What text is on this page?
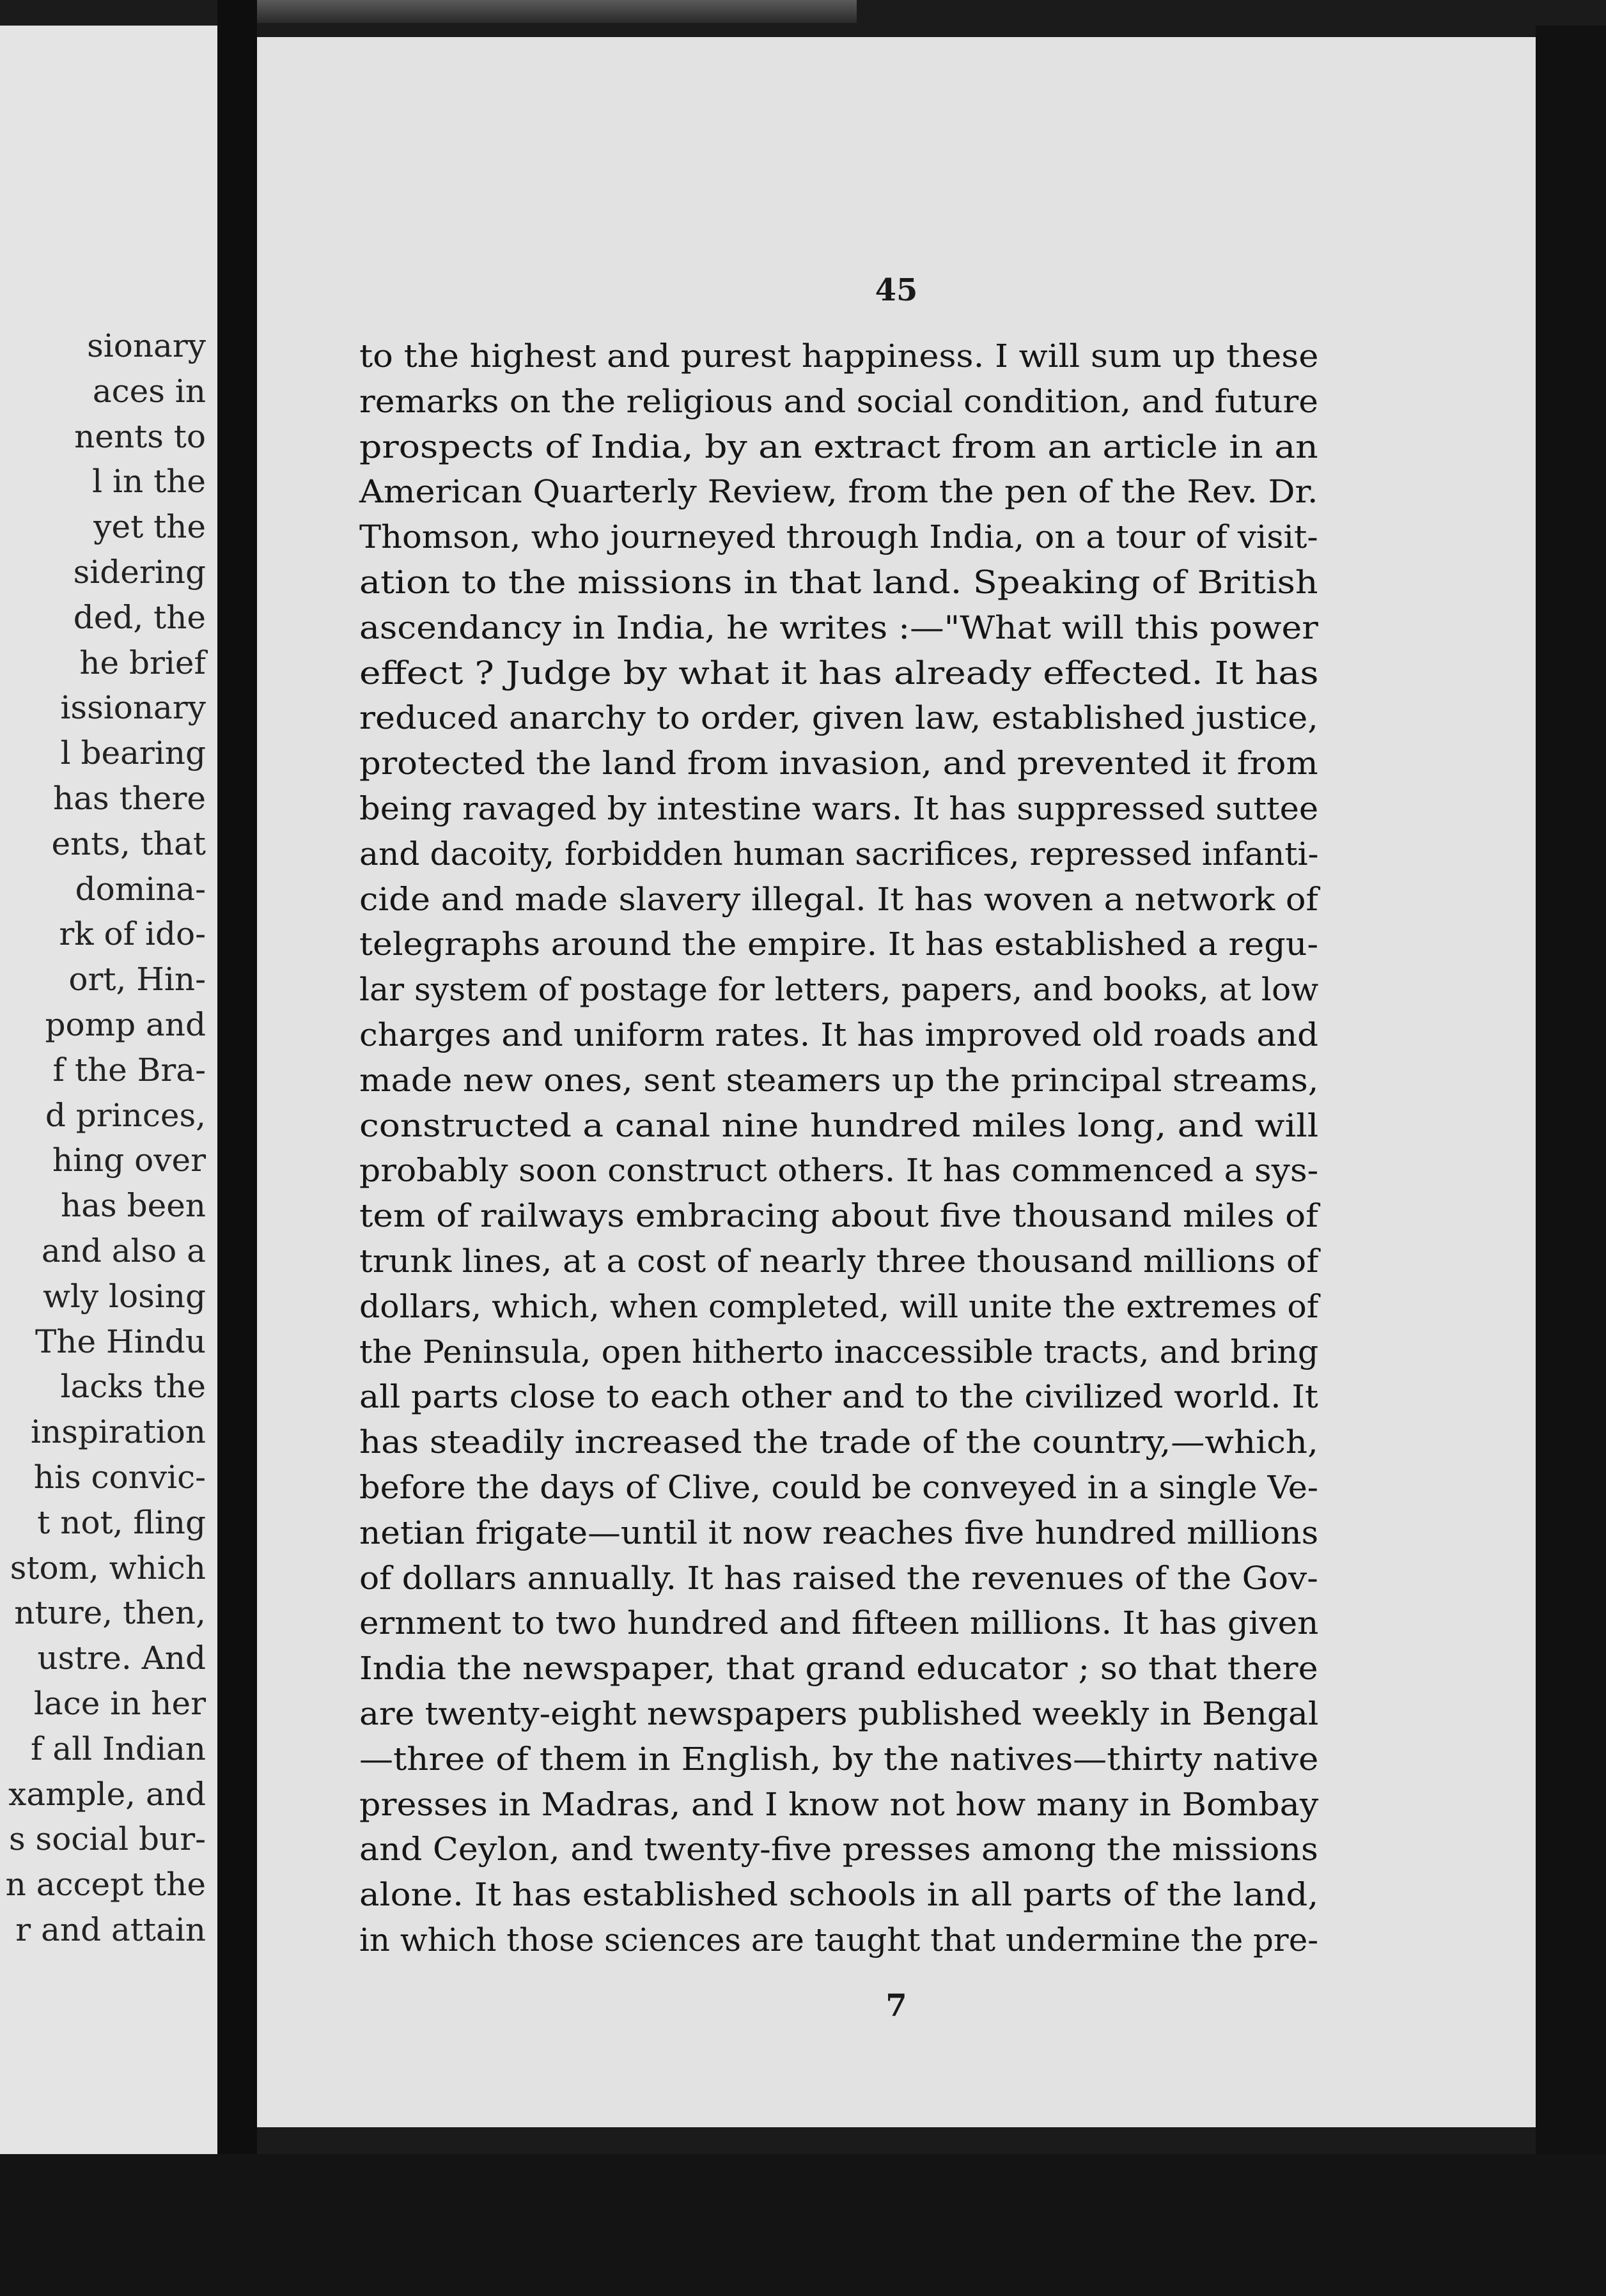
sionary
aces in
nents to
l in the
yet the
sidering
ded, the
he brief
issionary
l bearing
has there
ents, that
domina-
rk of ido-
ort, Hin-
pomp and
f the Bra-
d princes,
hing over
has been
and also a
wly losing
The Hindu
lacks the
inspiration
his convic-
t not, fling
stom, which
nture, then,
ustre. And
lace in her
f all Indian
xample, and
s social bur-
n accept the
r and attain
45
to the highest and purest happiness. I will sum up these
remarks on the religious and social condition, and future
prospects of India, by an extract from an article in an
American Quarterly Review, from the pen of the Rev. Dr.
Thomson, who journeyed through India, on a tour of visit-
ation to the missions in that land. Speaking of British
ascendancy in India, he writes :—"What will this power
effect ? Judge by what it has already effected. It has
reduced anarchy to order, given law, established justice,
protected the land from invasion, and prevented it from
being ravaged by intestine wars. It has suppressed suttee
and dacoity, forbidden human sacrifices, repressed infanti-
cide and made slavery illegal. It has woven a network of
telegraphs around the empire. It has established a regu-
lar system of postage for letters, papers, and books, at low
charges and uniform rates. It has improved old roads and
made new ones, sent steamers up the principal streams,
constructed a canal nine hundred miles long, and will
probably soon construct others. It has commenced a sys-
tem of railways embracing about five thousand miles of
trunk lines, at a cost of nearly three thousand millions of
dollars, which, when completed, will unite the extremes of
the Peninsula, open hitherto inaccessible tracts, and bring
all parts close to each other and to the civilized world. It
has steadily increased the trade of the country,—which,
before the days of Clive, could be conveyed in a single Ve-
netian frigate—until it now reaches five hundred millions
of dollars annually. It has raised the revenues of the Gov-
ernment to two hundred and fifteen millions. It has given
India the newspaper, that grand educator ; so that there
are twenty-eight newspapers published weekly in Bengal
—three of them in English, by the natives—thirty native
presses in Madras, and I know not how many in Bombay
and Ceylon, and twenty-five presses among the missions
alone. It has established schools in all parts of the land,
in which those sciences are taught that undermine the pre-
7
